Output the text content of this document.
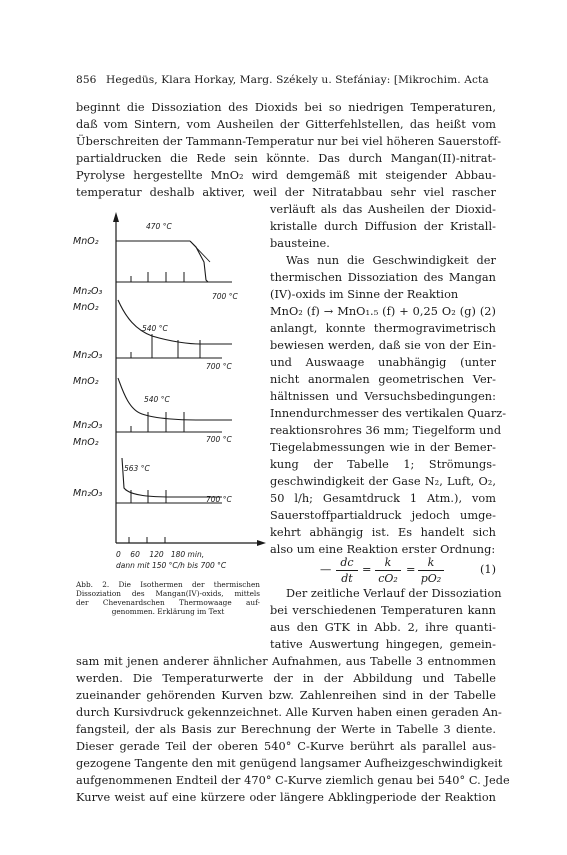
856 Hegedüs, Klara Horkay, Marg. Székely u. Stefániay: [Mikrochim. Acta
beginnt die Dissoziation des Dioxids bei so niedrigen Temperaturen,
daß vom Sintern, vom Ausheilen der Gitterfehlstellen, das heißt vom
Überschreiten der Tammann-Temperatur nur bei viel höheren Sauerstoff-
partialdrucken die Rede sein könnte. Das durch Mangan(II)-nitrat-
Pyrolyse hergestellte MnO₂ wird demgemäß mit steigender Abbau-
temperatur deshalb aktiver, weil der Nitratabbau sehr viel rascher
verläuft als das Ausheilen der Dioxid-
kristalle durch Diffusion der Kristall-
bausteine.
Was nun die Geschwindigkeit der
thermischen Dissoziation des Mangan
(IV)-oxids im Sinne der Reaktion
MnO₂ (f) → MnO₁.₅ (f) + 0,25 O₂ (g) (2)
anlangt, konnte thermogravimetrisch
bewiesen werden, daß sie von der Ein-
und Auswaage unabhängig (unter
nicht anormalen geometrischen Ver-
hältnissen und Versuchsbedingungen:
Innendurchmesser des vertikalen Quarz-
reaktionsrohres 36 mm; Tiegelform und
Tiegelabmessungen wie in der Bemer-
kung der Tabelle 1; Strömungs-
geschwindigkeit der Gase N₂, Luft, O₂,
50 l/h; Gesamtdruck 1 Atm.), vom
Sauerstoffpartialdruck jedoch umge-
kehrt abhängig ist. Es handelt sich
also um eine Reaktion erster Ordnung:
—
dc
dt
=
k
cO₂
=
k
pO₂
(1)
Der zeitliche Verlauf der Dissoziation
bei verschiedenen Temperaturen kann
aus den GTK in Abb. 2, ihre quanti-
tative Auswertung hingegen, gemein-
sam mit jenen anderer ähnlicher Aufnahmen, aus Tabelle 3 entnommen
werden. Die Temperaturwerte der in der Abbildung und Tabelle
zueinander gehörenden Kurven bzw. Zahlenreihen sind in der Tabelle
durch Kursivdruck gekennzeichnet. Alle Kurven haben einen geraden An-
fangsteil, der als Basis zur Berechnung der Werte in Tabelle 3 diente.
Dieser gerade Teil der oberen 540° C-Kurve berührt als parallel aus-
gezogene Tangente den mit genügend langsamer Aufheizgeschwindigkeit
aufgenommenen Endteil der 470° C-Kurve ziemlich genau bei 540° C. Jede
Kurve weist auf eine kürzere oder längere Abklingperiode der Reaktion
MnO₂
470 °C
Mn₂O₃	700 °C
MnO₂
540 °C
Mn₂O₃
700 °C
MnO₂
540 °C
Mn₂O₃
700 °C
MnO₂
563 °C
Mn₂O₃
700 °C
0    60    120   180 min,
dann mit 150 °C/h bis 700 °C
Abb. 2. Die Isothermen der thermischen
Dissoziation des Mangan(IV)-oxids, mittels
der Chevenardschen Thermowaage auf-
genommen. Erklärung im Text
